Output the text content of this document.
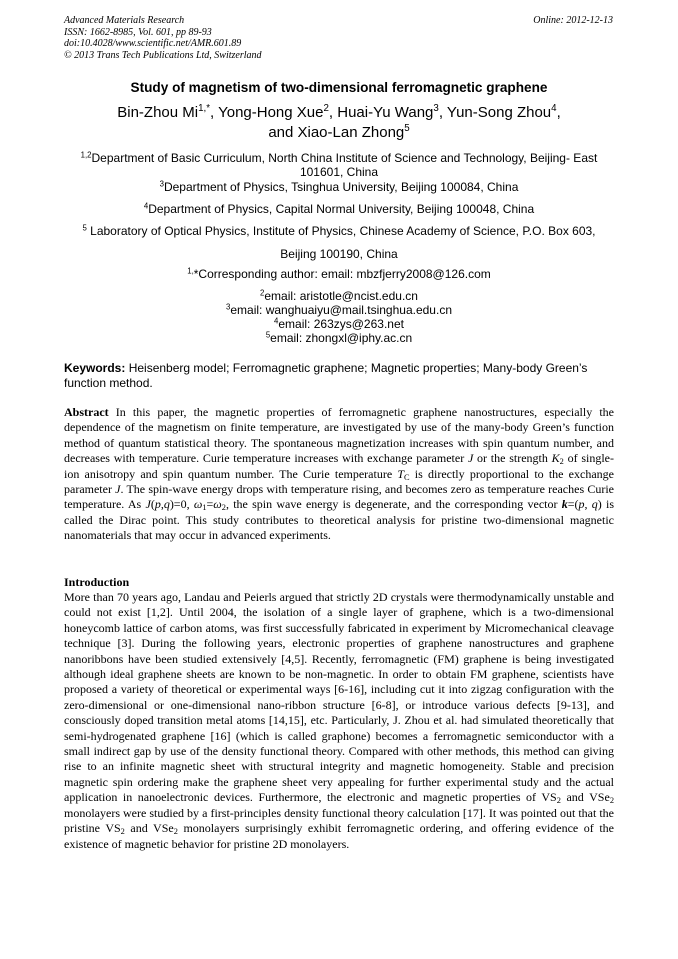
Advanced Materials Research
ISSN: 1662-8985, Vol. 601, pp 89-93
doi:10.4028/www.scientific.net/AMR.601.89
© 2013 Trans Tech Publications Ltd, Switzerland
Online: 2012-12-13
Study of magnetism of two-dimensional ferromagnetic graphene
Bin-Zhou $Mi^{1,*}$, Yong-Hong Xue$^2$, Huai-Yu Wang$^3$, Yun-Song Zhou$^4$,
and Xiao-Lan Zhong$^5$
$^{1,2}$Department of Basic Curriculum, North China Institute of Science and Technology, Beijing- East
101601, China
$^3$Department of Physics, Tsinghua University, Beijing 100084, China
$^4$Department of Physics, Capital Normal University, Beijing 100048, China
$^5$ Laboratory of Optical Physics, Institute of Physics, Chinese Academy of Science, P.O. Box 603,
Beijing 100190, China
$^{1,}$*Corresponding author: email: mbzfjerry2008@126.com
$^2$email: aristotle@ncist.edu.cn
$^3$email: wanghuaiyu@mail.tsinghua.edu.cn
$^4$email: 263zys@263.net
$^5$email: zhongxl@iphy.ac.cn
Keywords: Heisenberg model; Ferromagnetic graphene; Magnetic properties; Many-body Green’s function method.
Abstract In this paper, the magnetic properties of ferromagnetic graphene nanostructures, especially the dependence of the magnetism on finite temperature, are investigated by use of the many-body Green’s function method of quantum statistical theory. The spontaneous magnetization increases with spin quantum number, and decreases with temperature. Curie temperature increases with exchange parameter J or the strength $K_2$ of single-ion anisotropy and spin quantum number. The Curie temperature $T_C$ is directly proportional to the exchange parameter J. The spin-wave energy drops with temperature rising, and becomes zero as temperature reaches Curie temperature. As J(p,q)=0, $\omega_1=\omega_2$, the spin wave energy is degenerate, and the corresponding vector k=(p, q) is called the Dirac point. This study contributes to theoretical analysis for pristine two-dimensional magnetic nanomaterials that may occur in advanced experiments.
Introduction
More than 70 years ago, Landau and Peierls argued that strictly 2D crystals were thermodynamically unstable and could not exist [1,2]. Until 2004, the isolation of a single layer of graphene, which is a two-dimensional honeycomb lattice of carbon atoms, was first successfully fabricated in experiment by Micromechanical cleavage technique [3]. During the following years, electronic properties of graphene nanostructures and graphene nanoribbons have been studied extensively [4,5]. Recently, ferromagnetic (FM) graphene is being investigated although ideal graphene sheets are known to be non-magnetic. In order to obtain FM graphene, scientists have proposed a variety of theoretical or experimental ways [6-16], including cut it into zigzag configuration with the zero-dimensional or one-dimensional nano-ribbon structure [6-8], or introduce various defects [9-13], and consciously doped transition metal atoms [14,15], etc. Particularly, J. Zhou et al. had simulated theoretically that semi-hydrogenated graphene [16] (which is called graphone) becomes a ferromagnetic semiconductor with a small indirect gap by use of the density functional theory. Compared with other methods, this method can giving rise to an infinite magnetic sheet with structural integrity and magnetic homogeneity. Stable and precision magnetic spin ordering make the graphene sheet very appealing for further experimental study and the actual application in nanoelectronic devices. Furthermore, the electronic and magnetic properties of $VS_2$ and VSe$_2$ monolayers were studied by a first-principles density functional theory calculation [17]. It was pointed out that the pristine $VS_2$ and VSe$_2$ monolayers surprisingly exhibit ferromagnetic ordering, and offering evidence of the existence of magnetic behavior for pristine 2D monolayers.
